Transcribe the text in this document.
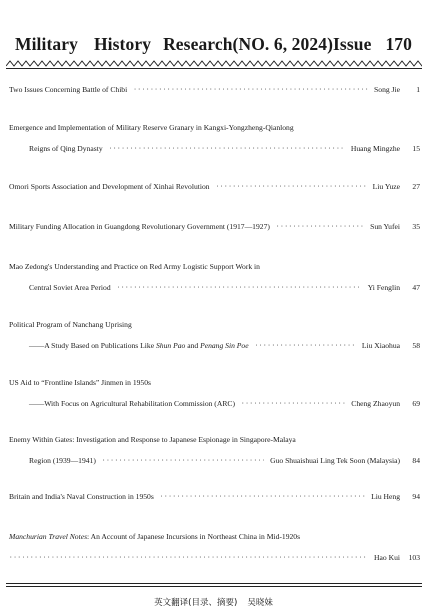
Military History Research(NO. 6, 2024)Issue 170
Two Issues Concerning Battle of Chibi ·····	Song Jie	1
Emergence and Implementation of Military Reserve Granary in Kangxi-Yongzheng-Qianlong
Reigns of Qing Dynasty ·····	Huang Mingzhe	15
Omori Sports Association and Development of Xinhai Revolution ·····	Liu Yuze	27
Military Funding Allocation in Guangdong Revolutionary Government (1917—1927) ·····	Sun Yufei	35
Mao Zedong's Understanding and Practice on Red Army Logistic Support Work in
Central Soviet Area Period ·····	Yi Fenglin	47
Political Program of Nanchang Uprising
——A Study Based on Publications Like Shun Pao and Penang Sin Poe ·····	Liu Xiaohua	58
US Aid to “Frontline Islands” Jinmen in 1950s
——With Focus on Agricultural Rehabilitation Commission (ARC) ·····	Cheng Zhaoyun	69
Enemy Within Gates: Investigation and Response to Japanese Espionage in Singapore-Malaya
Region (1939—1941) ·····	Guo Shuaishuai Ling Tek Soon (Malaysia)	84
Britain and India's Naval Construction in 1950s ·····	Liu Heng	94
Manchurian Travel Notes: An Account of Japanese Incursions in Northeast China in Mid-1920s
·····
Hao Kui	103
英文翻译(目录、摘要) 吴晓妹
